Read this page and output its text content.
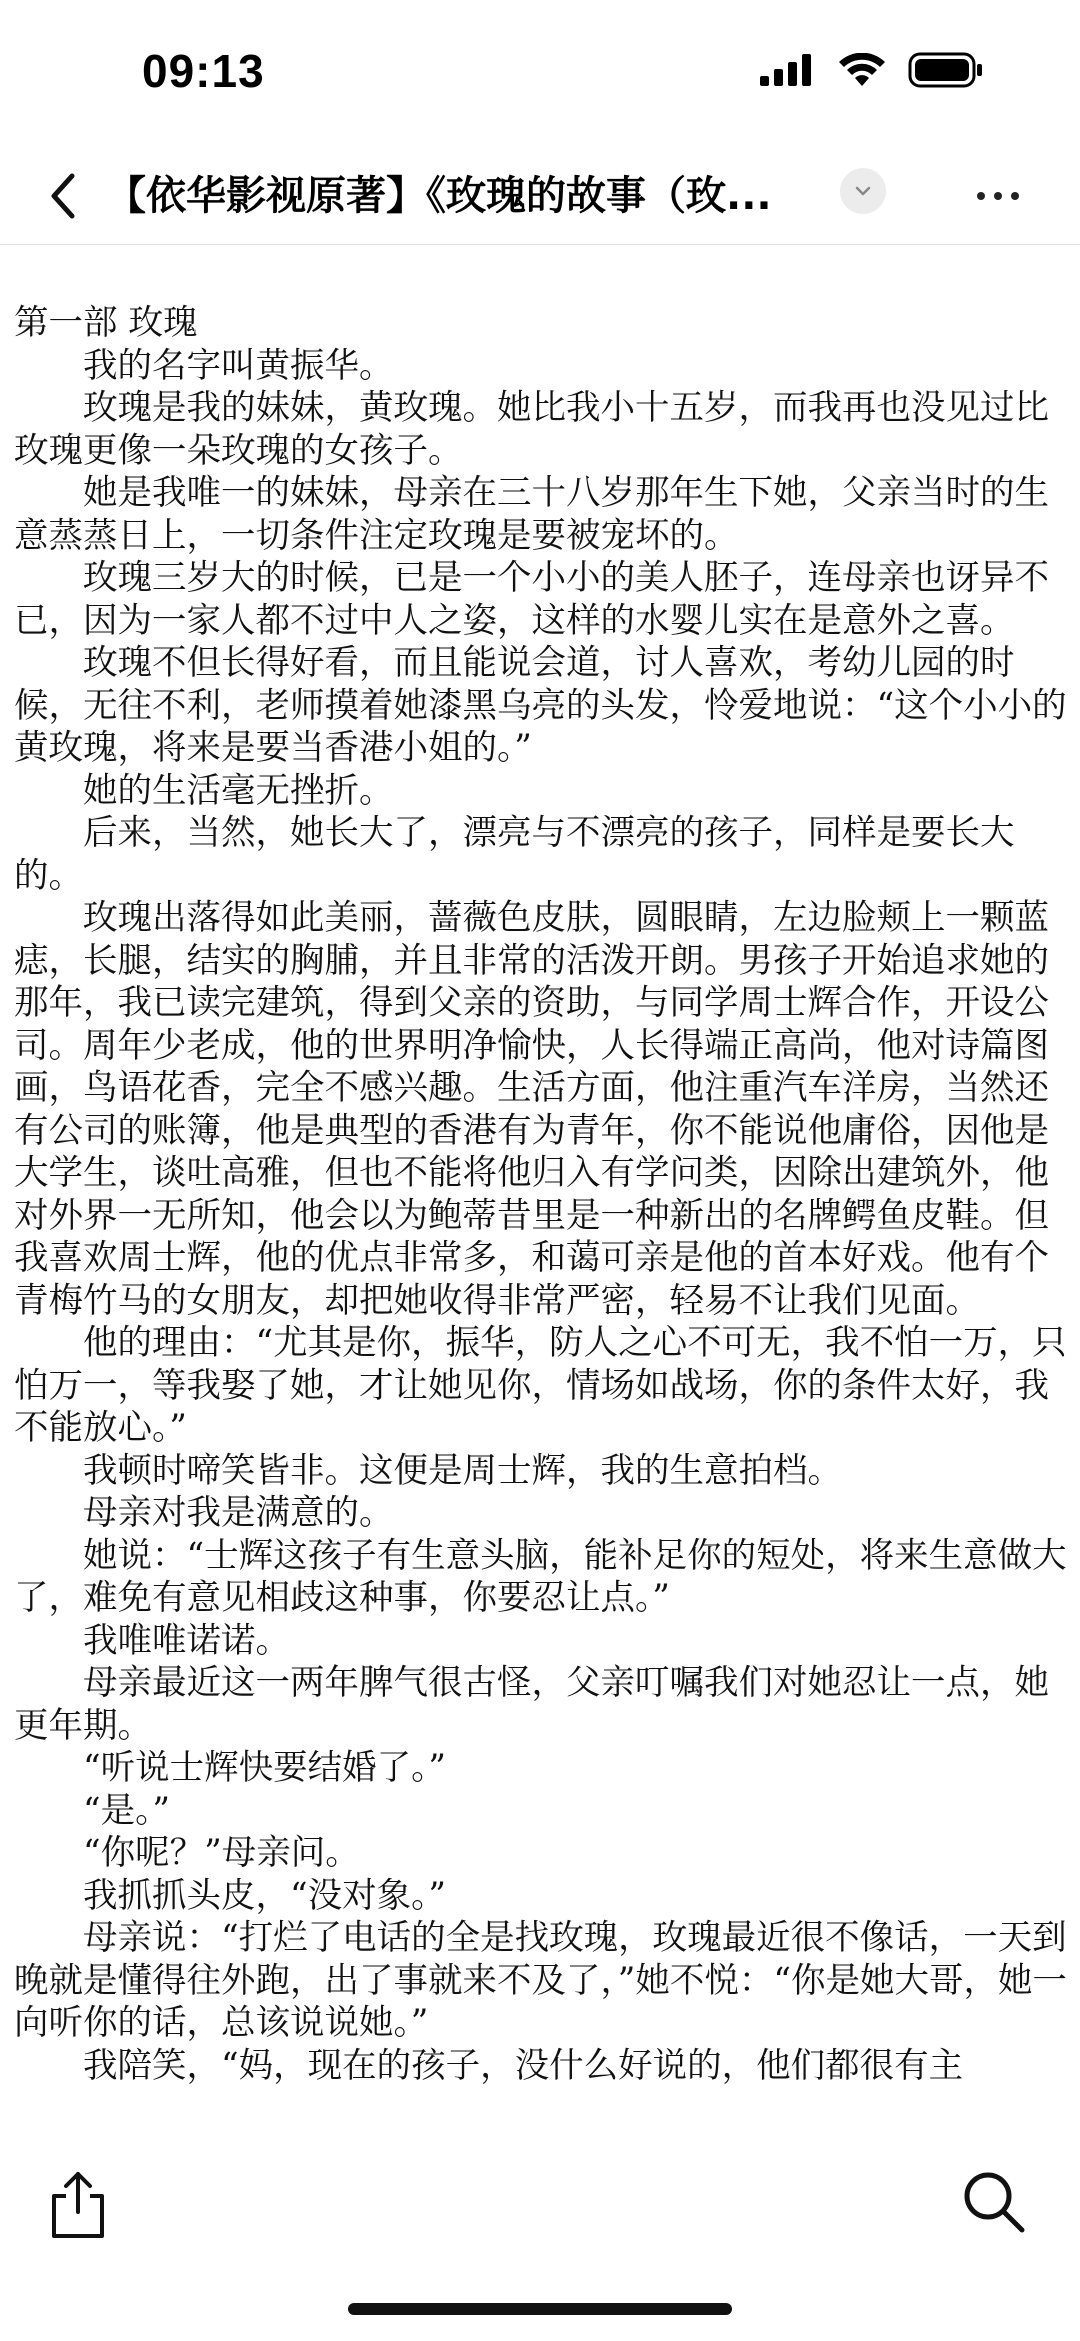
09:13
【依华影视原著】《玫瑰的故事（玫...

第一部 玫瑰

我的名字叫黄振华。

玫瑰是我的妹妹，黄玫瑰。她比我小十五岁，而我再也没见过比玫瑰更像一朵玫瑰的女孩子。

她是我唯一的妹妹，母亲在三十八岁那年生下她，父亲当时的生意蒸蒸日上，一切条件注定玫瑰是要被宠坏的。

玫瑰三岁大的时候，已是一个小小的美人胚子，连母亲也讶异不已，因为一家人都不过中人之姿，这样的水婴儿实在是意外之喜。

玫瑰不但长得好看，而且能说会道，讨人喜欢，考幼儿园的时候，无往不利，老师摸着她漆黑乌亮的头发，怜爱地说：“这个小小的黄玫瑰，将来是要当香港小姐的。”

她的生活毫无挫折。

后来，当然，她长大了，漂亮与不漂亮的孩子，同样是要长大的。

玫瑰出落得如此美丽，蔷薇色皮肤，圆眼睛，左边脸颊上一颗蓝痣，长腿，结实的胸脯，并且非常的活泼开朗。男孩子开始追求她的那年，我已读完建筑，得到父亲的资助，与同学周士辉合作，开设公司。周年少老成，他的世界明净愉快，人长得端正高尚，他对诗篇图画，鸟语花香，完全不感兴趣。生活方面，他注重汽车洋房，当然还有公司的账簿，他是典型的香港有为青年，你不能说他庸俗，因他是大学生，谈吐高雅，但也不能将他归入有学问类，因除出建筑外，他对外界一无所知，他会以为鲍蒂昔里是一种新出的名牌鳄鱼皮鞋。但我喜欢周士辉，他的优点非常多，和蔼可亲是他的首本好戏。他有个青梅竹马的女朋友，却把她收得非常严密，轻易不让我们见面。

他的理由：“尤其是你，振华，防人之心不可无，我不怕一万，只怕万一，等我娶了她，才让她见你，情场如战场，你的条件太好，我不能放心。”

我顿时啼笑皆非。这便是周士辉，我的生意拍档。

母亲对我是满意的。

她说：“士辉这孩子有生意头脑，能补足你的短处，将来生意做大了，难免有意见相歧这种事，你要忍让点。”

我唯唯诺诺。

母亲最近这一两年脾气很古怪，父亲叮嘱我们对她忍让一点，她更年期。

“听说士辉快要结婚了。”

“是。”

“你呢？”母亲问。

我抓抓头皮，“没对象。”

母亲说：“打烂了电话的全是找玫瑰，玫瑰最近很不像话，一天到晚就是懂得往外跑，出了事就来不及了，”她不悦：“你是她大哥，她一向听你的话，总该说说她。”

我陪笑，“妈，现在的孩子，没什么好说的，他们都很有主
